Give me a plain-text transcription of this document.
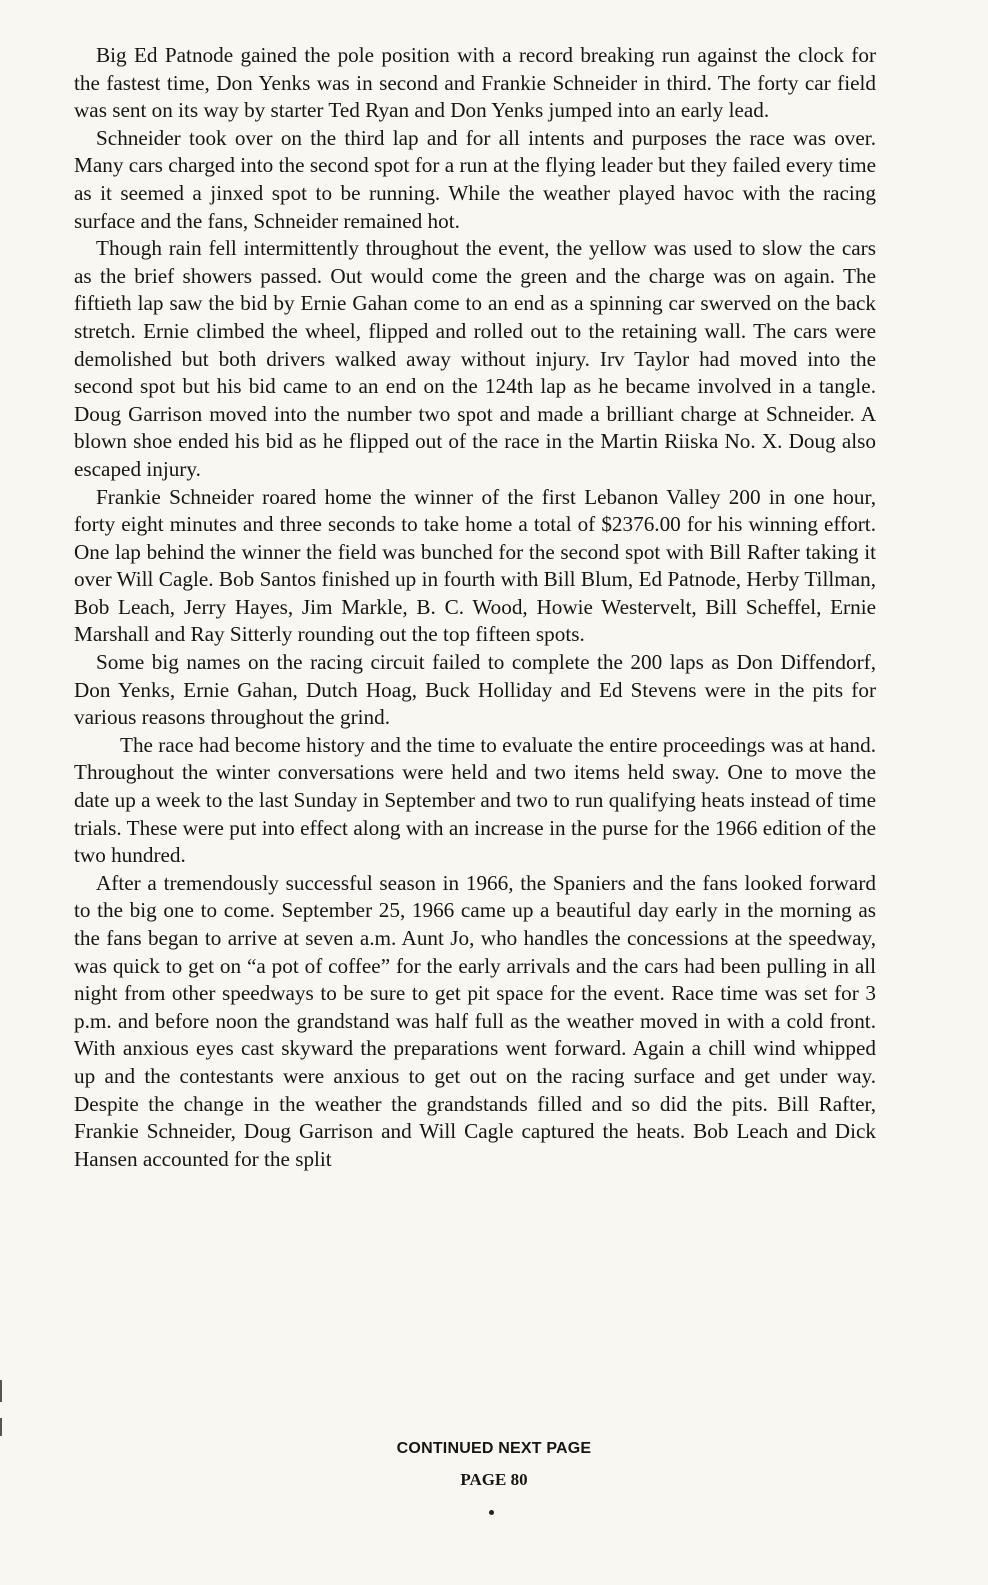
Big Ed Patnode gained the pole position with a record breaking run against the clock for the fastest time, Don Yenks was in second and Frankie Schneider in third. The forty car field was sent on its way by starter Ted Ryan and Don Yenks jumped into an early lead.

Schneider took over on the third lap and for all intents and purposes the race was over. Many cars charged into the second spot for a run at the flying leader but they failed every time as it seemed a jinxed spot to be running. While the weather played havoc with the racing surface and the fans, Schneider remained hot.

Though rain fell intermittently throughout the event, the yellow was used to slow the cars as the brief showers passed. Out would come the green and the charge was on again. The fiftieth lap saw the bid by Ernie Gahan come to an end as a spinning car swerved on the back stretch. Ernie climbed the wheel, flipped and rolled out to the retaining wall. The cars were demolished but both drivers walked away without injury. Irv Taylor had moved into the second spot but his bid came to an end on the 124th lap as he became involved in a tangle. Doug Garrison moved into the number two spot and made a brilliant charge at Schneider. A blown shoe ended his bid as he flipped out of the race in the Martin Riiska No. X. Doug also escaped injury.

Frankie Schneider roared home the winner of the first Lebanon Valley 200 in one hour, forty eight minutes and three seconds to take home a total of $2376.00 for his winning effort. One lap behind the winner the field was bunched for the second spot with Bill Rafter taking it over Will Cagle. Bob Santos finished up in fourth with Bill Blum, Ed Patnode, Herby Tillman, Bob Leach, Jerry Hayes, Jim Markle, B. C. Wood, Howie Westervelt, Bill Scheffel, Ernie Marshall and Ray Sitterly rounding out the top fifteen spots.

Some big names on the racing circuit failed to complete the 200 laps as Don Diffendorf, Don Yenks, Ernie Gahan, Dutch Hoag, Buck Holliday and Ed Stevens were in the pits for various reasons throughout the grind.

The race had become history and the time to evaluate the entire proceedings was at hand. Throughout the winter conversations were held and two items held sway. One to move the date up a week to the last Sunday in September and two to run qualifying heats instead of time trials. These were put into effect along with an increase in the purse for the 1966 edition of the two hundred.

After a tremendously successful season in 1966, the Spaniers and the fans looked forward to the big one to come. September 25, 1966 came up a beautiful day early in the morning as the fans began to arrive at seven a.m. Aunt Jo, who handles the concessions at the speedway, was quick to get on “a pot of coffee” for the early arrivals and the cars had been pulling in all night from other speedways to be sure to get pit space for the event. Race time was set for 3 p.m. and before noon the grandstand was half full as the weather moved in with a cold front. With anxious eyes cast skyward the preparations went forward. Again a chill wind whipped up and the contestants were anxious to get out on the racing surface and get under way. Despite the change in the weather the grandstands filled and so did the pits. Bill Rafter, Frankie Schneider, Doug Garrison and Will Cagle captured the heats. Bob Leach and Dick Hansen accounted for the split

CONTINUED NEXT PAGE
PAGE 80
